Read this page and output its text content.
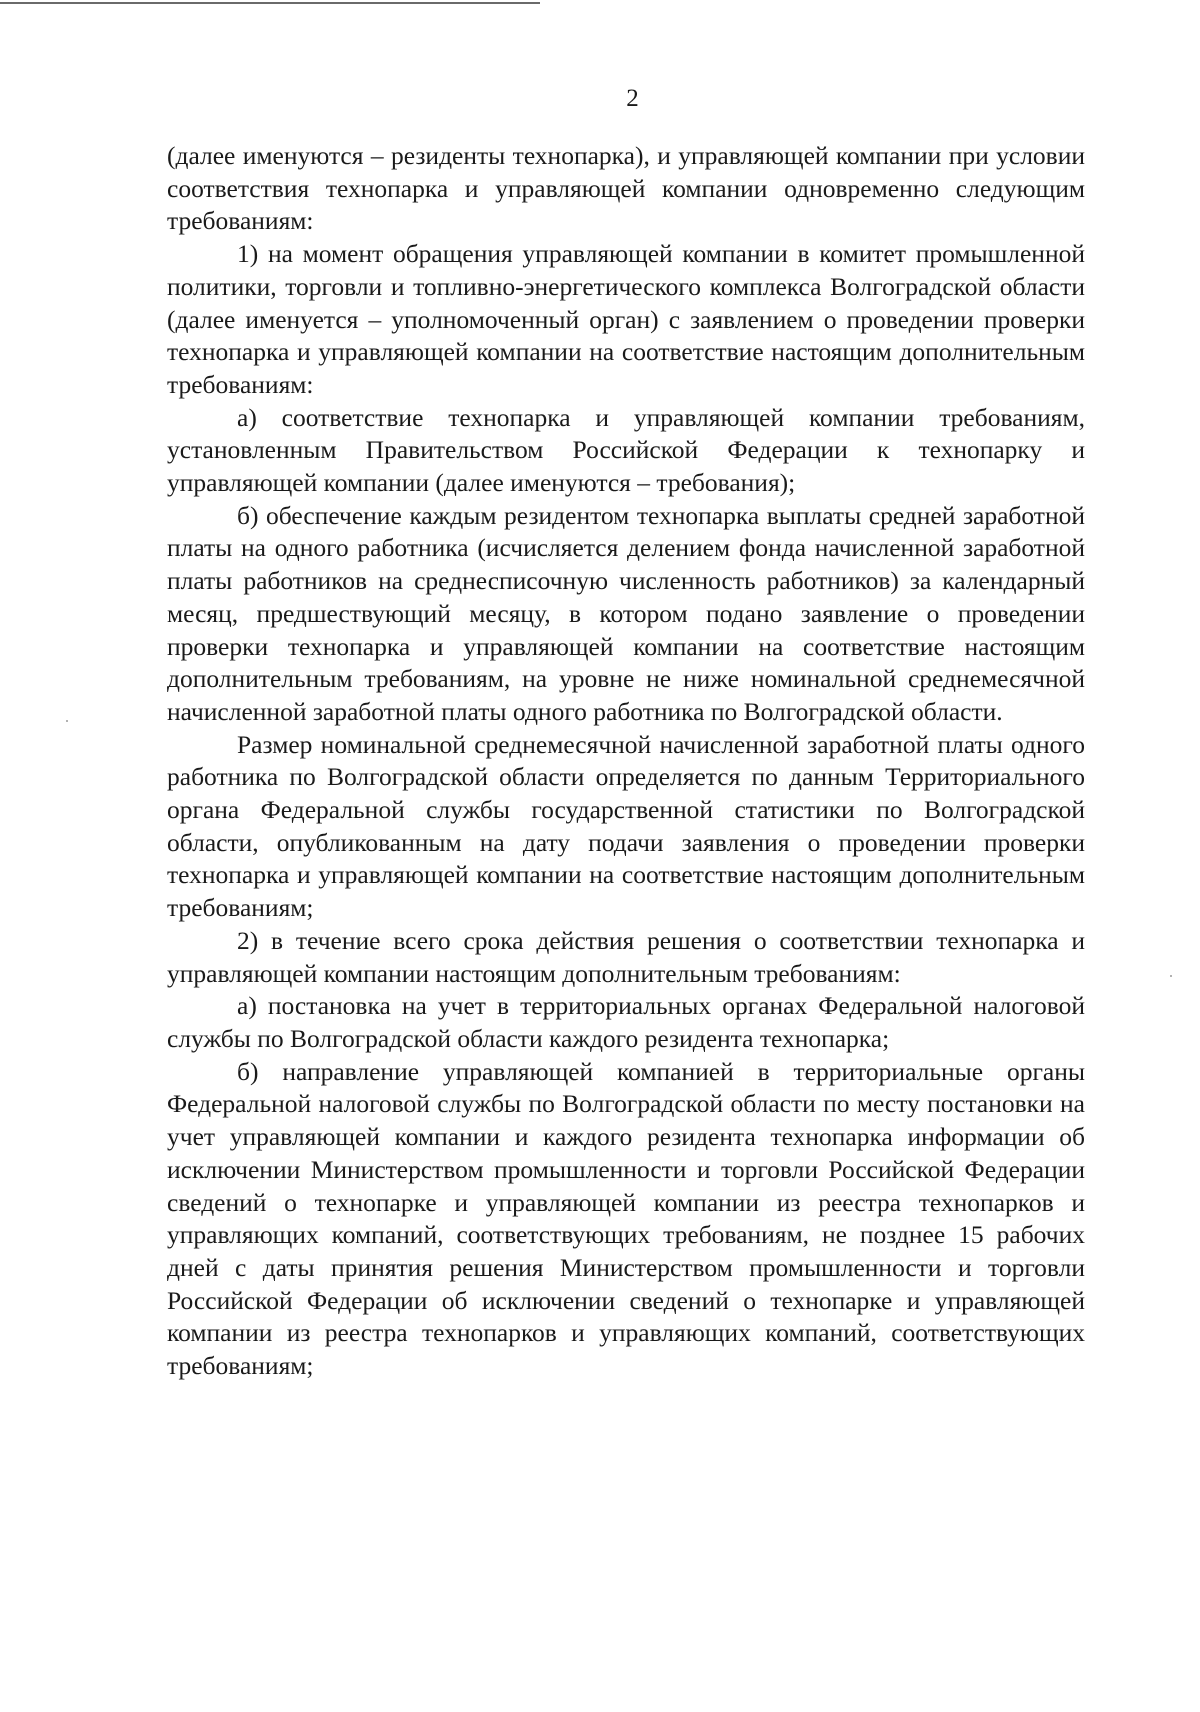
2

(далее именуются – резиденты технопарка), и управляющей компании при условии соответствия технопарка и управляющей компании одновременно следующим требованиям:

1) на момент обращения управляющей компании в комитет промышленной политики, торговли и топливно-энергетического комплекса Волгоградской области (далее именуется – уполномоченный орган) с заявлением о проведении проверки технопарка и управляющей компании на соответствие настоящим дополнительным требованиям:

а) соответствие технопарка и управляющей компании требованиям, установленным Правительством Российской Федерации к технопарку и управляющей компании (далее именуются – требования);

б) обеспечение каждым резидентом технопарка выплаты средней заработной платы на одного работника (исчисляется делением фонда начисленной заработной платы работников на среднесписочную численность работников) за календарный месяц, предшествующий месяцу, в котором подано заявление о проведении проверки технопарка и управляющей компании на соответствие настоящим дополнительным требованиям, на уровне не ниже номинальной среднемесячной начисленной заработной платы одного работника по Волгоградской области.

Размер номинальной среднемесячной начисленной заработной платы одного работника по Волгоградской области определяется по данным Территориального органа Федеральной службы государственной статистики по Волгоградской области, опубликованным на дату подачи заявления о проведении проверки технопарка и управляющей компании на соответствие настоящим дополнительным требованиям;

2) в течение всего срока действия решения о соответствии технопарка и управляющей компании настоящим дополнительным требованиям:

а) постановка на учет в территориальных органах Федеральной налоговой службы по Волгоградской области каждого резидента технопарка;

б) направление управляющей компанией в территориальные органы Федеральной налоговой службы по Волгоградской области по месту постановки на учет управляющей компании и каждого резидента технопарка информации об исключении Министерством промышленности и торговли Российской Федерации сведений о технопарке и управляющей компании из реестра технопарков и управляющих компаний, соответствующих требованиям, не позднее 15 рабочих дней с даты принятия решения Министерством промышленности и торговли Российской Федерации об исключении сведений о технопарке и управляющей компании из реестра технопарков и управляющих компаний, соответствующих требованиям;
